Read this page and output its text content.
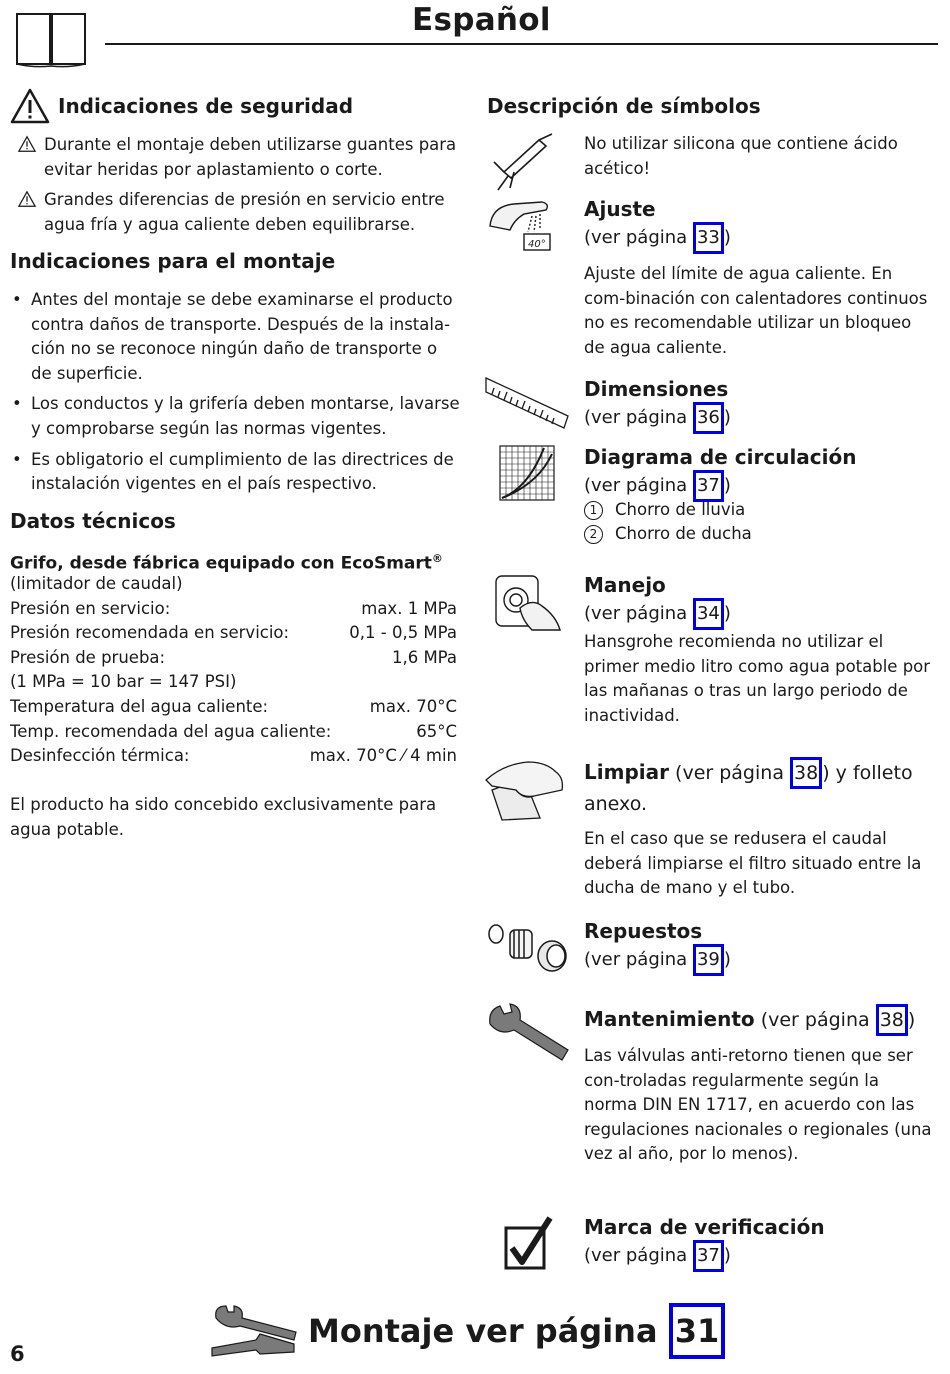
Español
Indicaciones de seguridad
Durante el montaje deben utilizarse guantes para evitar heridas por aplastamiento o corte.
Grandes diferencias de presión en servicio entre agua fría y agua caliente deben equilibrarse.
Indicaciones para el montaje
• Antes del montaje se debe examinarse el producto contra daños de transporte. Después de la instala-ción no se reconoce ningún daño de transporte o de superficie.
• Los conductos y la grifería deben montarse, lavarse y comprobarse según las normas vigentes.
• Es obligatorio el cumplimiento de las directrices de instalación vigentes en el país respectivo.
Datos técnicos
Grifo, desde fábrica equipado con EcoSmart®
(limitador de caudal)
Presión en servicio:	max. 1 MPa
Presión recomendada en servicio:	0,1 - 0,5 MPa
Presión de prueba:	1,6 MPa
(1 MPa = 10 bar = 147 PSI)
Temperatura del agua caliente:	max. 70°C
Temp. recomendada del agua caliente:	65°C
Desinfección térmica:	max. 70°C ⁄ 4 min
El producto ha sido concebido exclusivamente para agua potable.
Descripción de símbolos
No utilizar silicona que contiene ácido acético!
40°
Ajuste
(ver página 33 )
Ajuste del límite de agua caliente. En com-binación con calentadores continuos no es recomendable utilizar un bloqueo de agua caliente.
Dimensiones
(ver página 36 )
Diagrama de circulación
(ver página 37 )
1 Chorro de lluvia
2 Chorro de ducha
Manejo
(ver página 34 )
Hansgrohe recomienda no utilizar el primer medio litro como agua potable por las mañanas o tras un largo periodo de inactividad.
Limpiar (ver página 38 ) y folleto anexo.
En el caso que se redusera el caudal deberá limpiarse el filtro situado entre la ducha de mano y el tubo.
Repuestos
(ver página 39 )
Mantenimiento (ver página 38 )
Las válvulas anti-retorno tienen que ser con-troladas regularmente según la norma DIN EN 1717, en acuerdo con las regulaciones nacionales o regionales (una vez al año, por lo menos).
Marca de verificación
(ver página 37 )
Montaje ver página
31
6
